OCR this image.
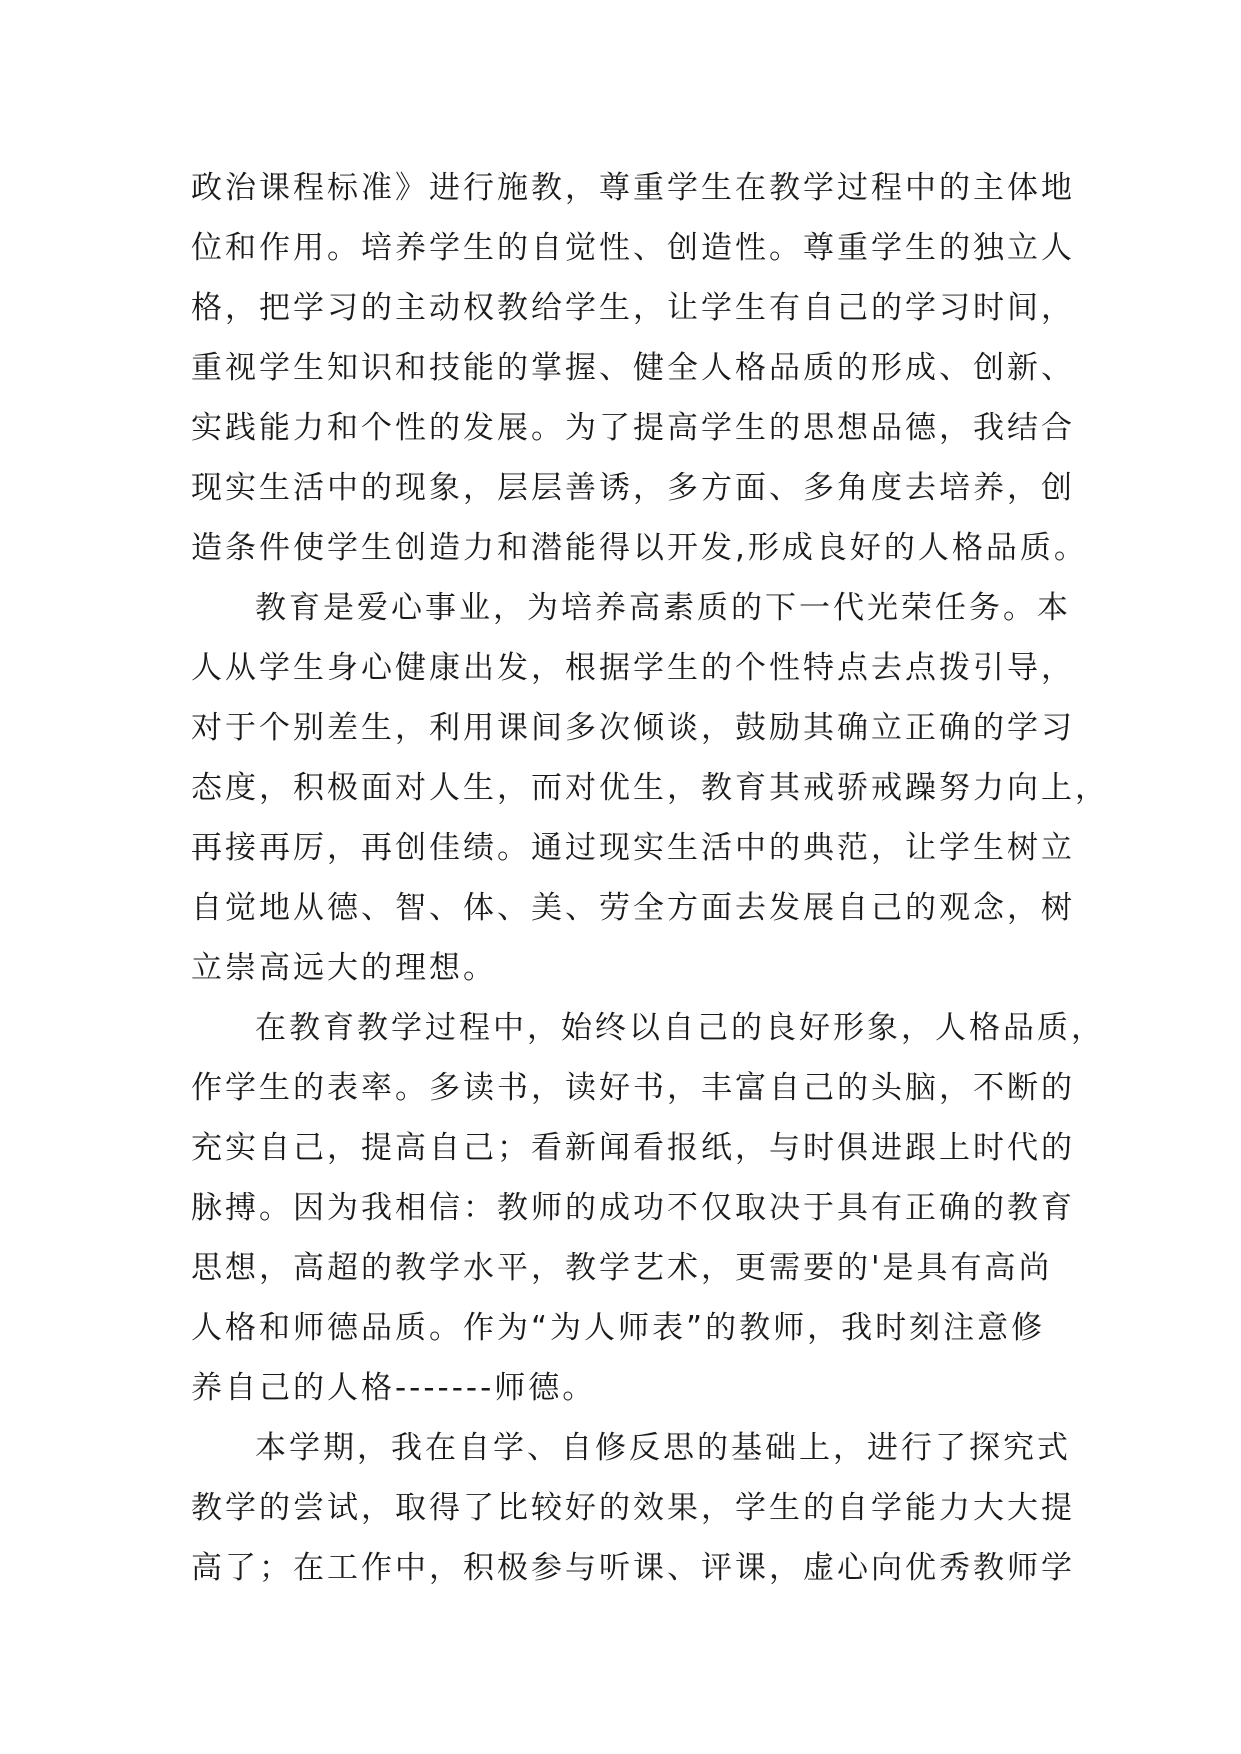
政治课程标准》进行施教，尊重学生在教学过程中的主体地
位和作用。培养学生的自觉性、创造性。尊重学生的独立人
格，把学习的主动权教给学生，让学生有自己的学习时间，
重视学生知识和技能的掌握、健全人格品质的形成、创新、
实践能力和个性的发展。为了提高学生的思想品德，我结合
现实生活中的现象，层层善诱，多方面、多角度去培养，创
造条件使学生创造力和潜能得以开发,形成良好的人格品质。
教育是爱心事业，为培养高素质的下一代光荣任务。本
人从学生身心健康出发，根据学生的个性特点去点拨引导，
对于个别差生，利用课间多次倾谈，鼓励其确立正确的学习
态度，积极面对人生，而对优生，教育其戒骄戒躁努力向上，
再接再厉，再创佳绩。通过现实生活中的典范，让学生树立
自觉地从德、智、体、美、劳全方面去发展自己的观念，树
立崇高远大的理想。
在教育教学过程中，始终以自己的良好形象，人格品质，
作学生的表率。多读书，读好书，丰富自己的头脑，不断的
充实自己，提高自己；看新闻看报纸，与时俱进跟上时代的
脉搏。因为我相信：教师的成功不仅取决于具有正确的教育
思想，高超的教学水平，教学艺术，更需要的'是具有高尚
人格和师德品质。作为“为人师表”的教师，我时刻注意修
养自己的人格-------师德。
本学期，我在自学、自修反思的基础上，进行了探究式
教学的尝试，取得了比较好的效果，学生的自学能力大大提
高了；在工作中，积极参与听课、评课，虚心向优秀教师学
